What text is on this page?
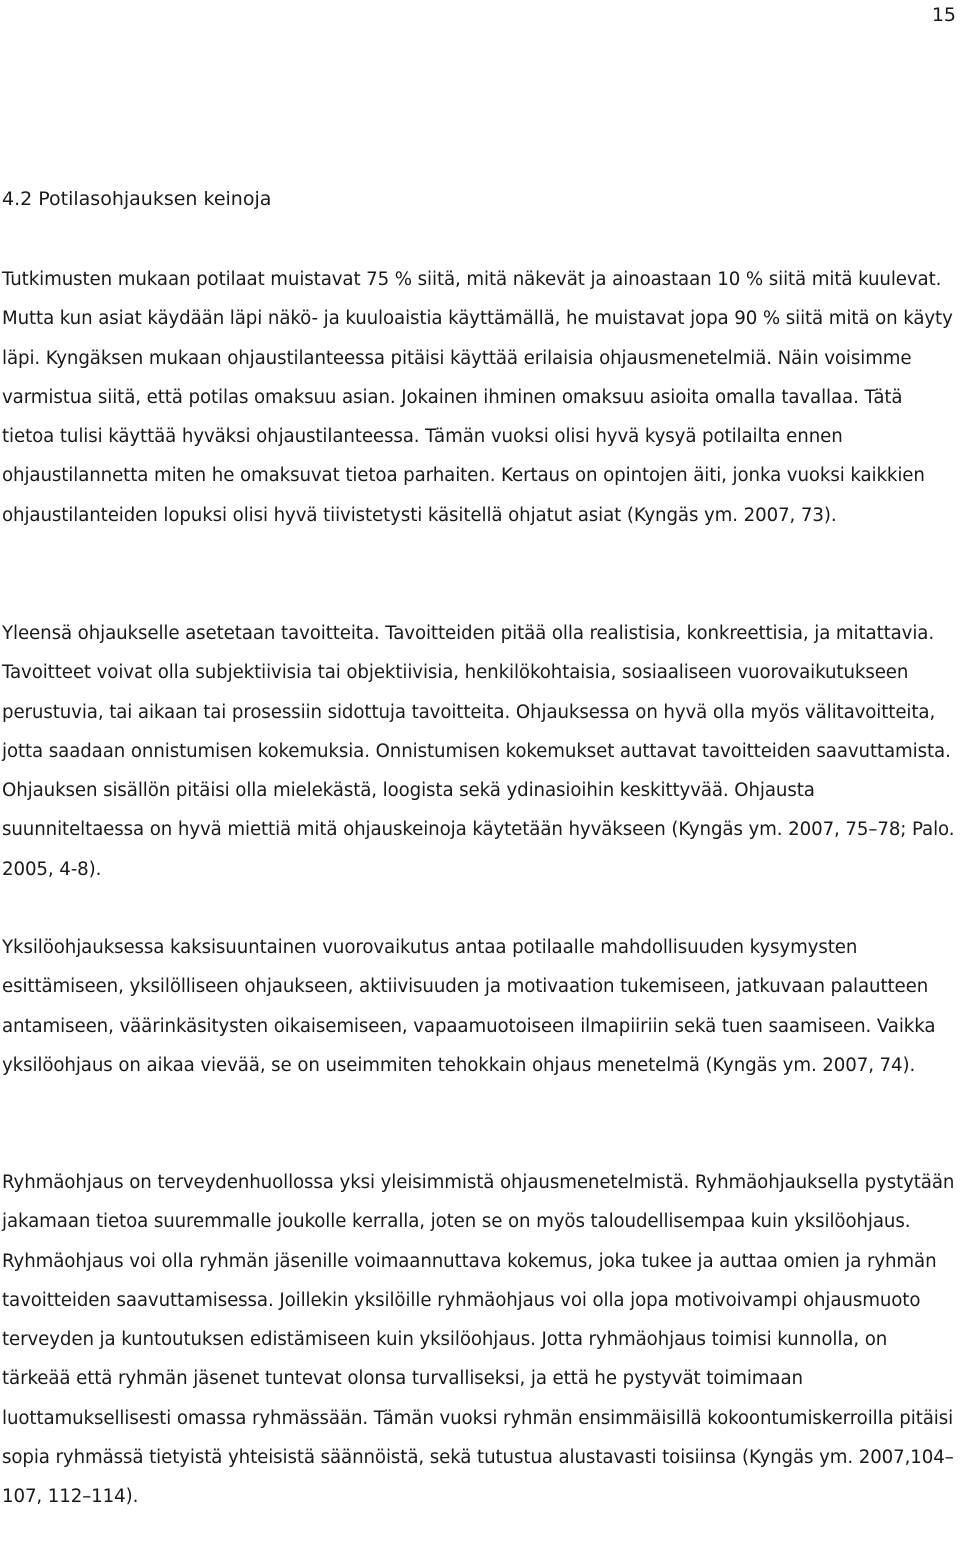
15
4.2 Potilasohjauksen keinoja

Tutkimusten mukaan potilaat muistavat 75 % siitä, mitä näkevät ja ainoastaan 10 % siitä mitä kuulevat. Mutta kun asiat käydään läpi näkö- ja kuuloaistia käyttämällä, he muistavat jopa 90 % siitä mitä on käyty läpi. Kyngäksen mukaan ohjaustilanteessa pitäisi käyttää erilaisia ohjausmenetelmiä. Näin voisimme varmistua siitä, että potilas omaksuu asian. Jokainen ihminen omaksuu asioita omalla tavallaa. Tätä tietoa tulisi käyttää hyväksi ohjaustilanteessa. Tämän vuoksi olisi hyvä kysyä potilailta ennen ohjaustilannetta miten he omaksuvat tietoa parhaiten. Kertaus on opintojen äiti, jonka vuoksi kaikkien ohjaustilanteiden lopuksi olisi hyvä tiivistetysti käsitellä ohjatut asiat (Kyngäs ym. 2007, 73).

Yleensä ohjaukselle asetetaan tavoitteita. Tavoitteiden pitää olla realistisia, konkreettisia, ja mitattavia. Tavoitteet voivat olla subjektiivisia tai objektiivisia, henkilökohtaisia, sosiaaliseen vuorovaikutukseen perustuvia, tai aikaan tai prosessiin sidottuja tavoitteita. Ohjauksessa on hyvä olla myös välitavoitteita, jotta saadaan onnistumisen kokemuksia. Onnistumisen kokemukset auttavat tavoitteiden saavuttamista. Ohjauksen sisällön pitäisi olla mielekästä, loogista sekä ydinasioihin keskittyvää. Ohjausta suunniteltaessa on hyvä miettiä mitä ohjauskeinoja käytetään hyväkseen (Kyngäs ym. 2007, 75–78; Palo. 2005, 4-8).

Yksilöohjauksessa kaksisuuntainen vuorovaikutus antaa potilaalle mahdollisuuden kysymysten esittämiseen, yksilölliseen ohjaukseen, aktiivisuuden ja motivaation tukemiseen, jatkuvaan palautteen antamiseen, väärinkäsitysten oikaisemiseen, vapaamuotoiseen ilmapiiriin sekä tuen saamiseen. Vaikka yksilöohjaus on aikaa vievää, se on useimmiten tehokkain ohjaus menetelmä (Kyngäs ym. 2007, 74).

Ryhmäohjaus on terveydenhuollossa yksi yleisimmistä ohjausmenetelmistä. Ryhmäohjauksella pystytään jakamaan tietoa suuremmalle joukolle kerralla, joten se on myös taloudellisempaa kuin yksilöohjaus. Ryhmäohjaus voi olla ryhmän jäsenille voimaannuttava kokemus, joka tukee ja auttaa omien ja ryhmän tavoitteiden saavuttamisessa. Joillekin yksilöille ryhmäohjaus voi olla jopa motivoivampi ohjausmuoto terveyden ja kuntoutuksen edistämiseen kuin yksilöohjaus. Jotta ryhmäohjaus toimisi kunnolla, on tärkeää että ryhmän jäsenet tuntevat olonsa turvalliseksi, ja että he pystyvät toimimaan luottamuksellisesti omassa ryhmässään. Tämän vuoksi ryhmän ensimmäisillä kokoontumiskerroilla pitäisi sopia ryhmässä tietyistä yhteisistä säännöistä, sekä tutustua alustavasti toisiinsa (Kyngäs ym. 2007,104–107, 112–114).
